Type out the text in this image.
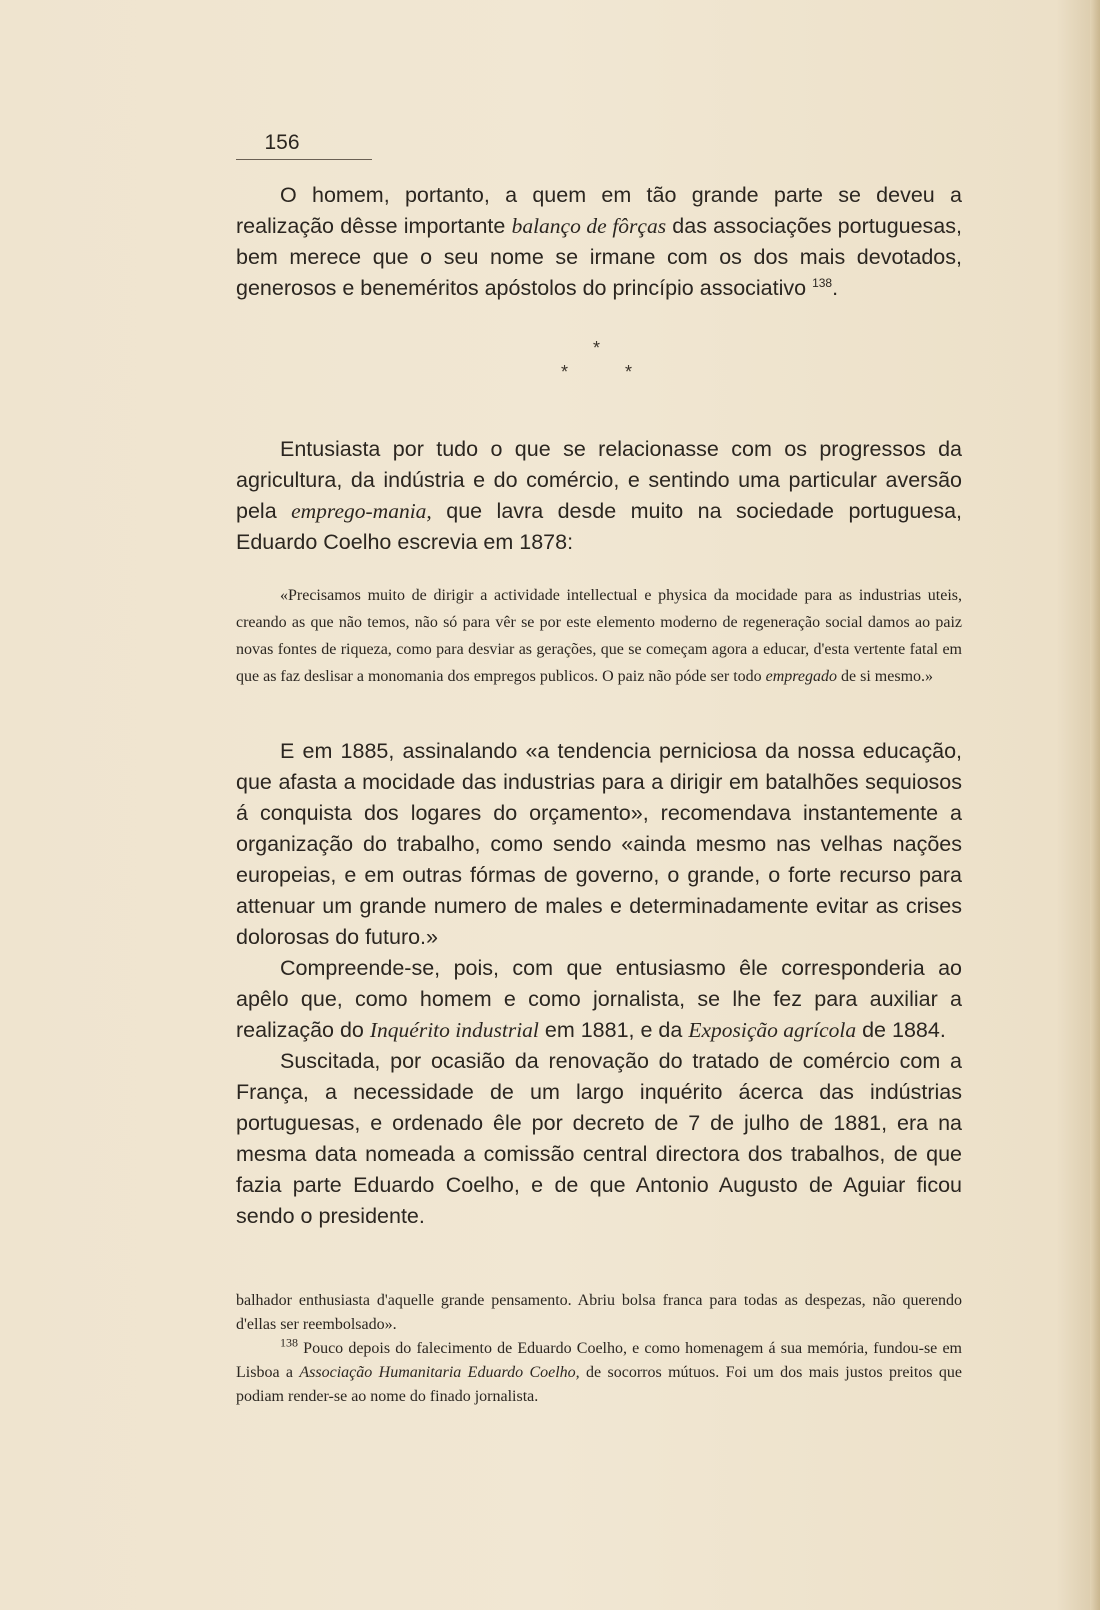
156

O homem, portanto, a quem em tão grande parte se deveu a realização dêsse importante balanço de fôrças das associações portuguesas, bem merece que o seu nome se irmane com os dos mais devotados, generosos e beneméritos apóstolos do princípio associativo $^{138}$.

*
*	*

Entusiasta por tudo o que se relacionasse com os progressos da agricultura, da indústria e do comércio, e sentindo uma particular aversão pela emprego-mania, que lavra desde muito na sociedade portuguesa, Eduardo Coelho escrevia em 1878:

«Precisamos muito de dirigir a actividade intellectual e physica da mocidade para as industrias uteis, creando as que não temos, não só para vêr se por este elemento moderno de regeneração social damos ao paiz novas fontes de riqueza, como para desviar as gerações, que se começam agora a educar, d'esta vertente fatal em que as faz deslisar a monomania dos empregos publicos. O paiz não póde ser todo empregado de si mesmo.»

E em 1885, assinalando «a tendencia perniciosa da nossa educação, que afasta a mocidade das industrias para a dirigir em batalhões sequiosos á conquista dos logares do orçamento», recomendava instantemente a organização do trabalho, como sendo «ainda mesmo nas velhas nações europeias, e em outras fórmas de governo, o grande, o forte recurso para attenuar um grande numero de males e determinadamente evitar as crises dolorosas do futuro.»

Compreende-se, pois, com que entusiasmo êle corresponderia ao apêlo que, como homem e como jornalista, se lhe fez para auxiliar a realização do Inquérito industrial em 1881, e da Exposição agrícola de 1884.

Suscitada, por ocasião da renovação do tratado de comércio com a França, a necessidade de um largo inquérito ácerca das indústrias portuguesas, e ordenado êle por decreto de 7 de julho de 1881, era na mesma data nomeada a comissão central directora dos trabalhos, de que fazia parte Eduardo Coelho, e de que Antonio Augusto de Aguiar ficou sendo o presidente.

balhador enthusiasta d'aquelle grande pensamento. Abriu bolsa franca para todas as despezas, não querendo d'ellas ser reembolsado».

$^{138}$ Pouco depois do falecimento de Eduardo Coelho, e como homenagem á sua memória, fundou-se em Lisboa a Associação Humanitaria Eduardo Coelho, de socorros mútuos. Foi um dos mais justos preitos que podiam render-se ao nome do finado jornalista.
